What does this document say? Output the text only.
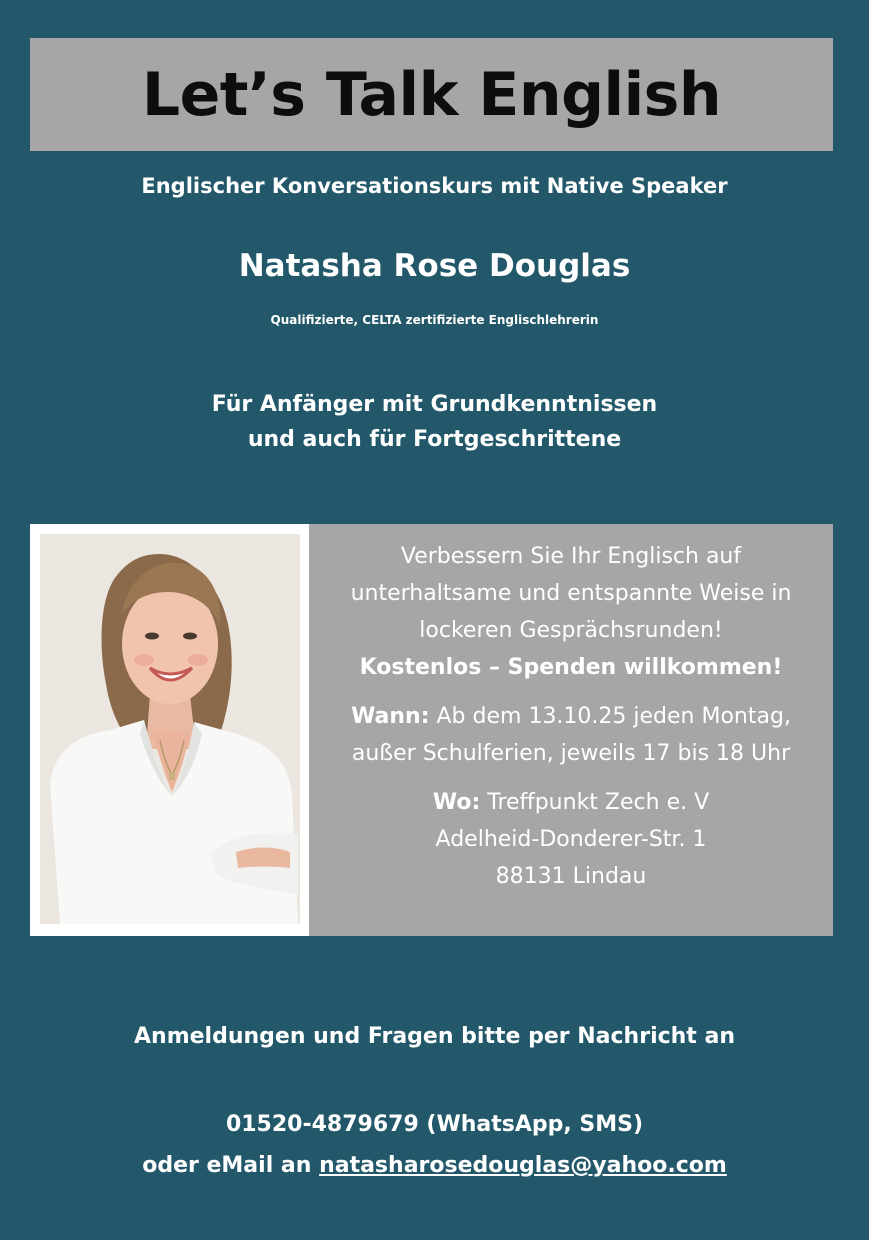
Let’s Talk English
Englischer Konversationskurs mit Native Speaker
Natasha Rose Douglas
Qualifizierte, CELTA zertifizierte Englischlehrerin
Für Anfänger mit Grundkenntnissen
und auch für Fortgeschrittene
Verbessern Sie Ihr Englisch auf
unterhaltsame und entspannte Weise in
lockeren Gesprächsrunden!
Kostenlos – Spenden willkommen!
Wann: Ab dem 13.10.25 jeden Montag,
außer Schulferien, jeweils 17 bis 18 Uhr
Wo: Treffpunkt Zech e. V
Adelheid-Donderer-Str. 1
88131 Lindau
Anmeldungen und Fragen bitte per Nachricht an
01520-4879679 (WhatsApp, SMS)
oder eMail an natasharosedouglas@yahoo.com
